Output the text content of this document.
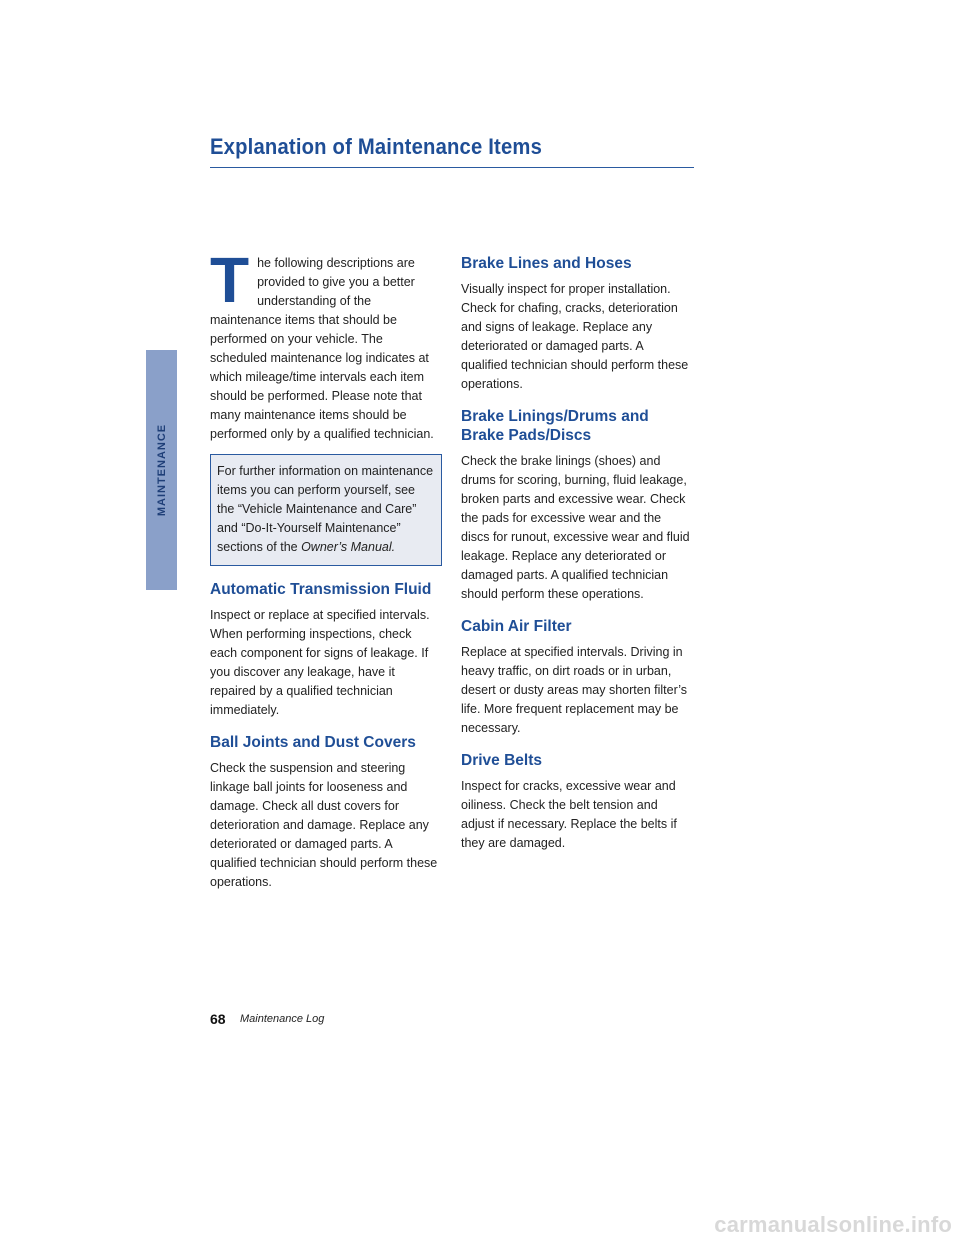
Explanation of Maintenance Items
MAINTENANCE

The following descriptions are provided to give you a better understanding of the maintenance items that should be performed on your vehicle. The scheduled maintenance log indicates at which mileage/time intervals each item should be performed. Please note that many maintenance items should be performed only by a qualified technician.

For further information on maintenance items you can perform yourself, see the “Vehicle Maintenance and Care” and “Do-It-Yourself Maintenance” sections of the Owner’s Manual.
Automatic Transmission Fluid

Inspect or replace at specified intervals. When performing inspections, check each component for signs of leakage. If you discover any leakage, have it repaired by a qualified technician immediately.

Ball Joints and Dust Covers

Check the suspension and steering linkage ball joints for looseness and damage. Check all dust covers for deterioration and damage. Replace any deteriorated or damaged parts. A qualified technician should perform these operations.

Brake Lines and Hoses

Visually inspect for proper installation. Check for chafing, cracks, deterioration and signs of leakage. Replace any deteriorated or damaged parts. A qualified technician should perform these operations.

Brake Linings/Drums and Brake Pads/Discs

Check the brake linings (shoes) and drums for scoring, burning, fluid leakage, broken parts and excessive wear. Check the pads for excessive wear and the discs for runout, excessive wear and fluid leakage. Replace any deteriorated or damaged parts. A qualified technician should perform these operations.

Cabin Air Filter

Replace at specified intervals. Driving in heavy traffic, on dirt roads or in urban, desert or dusty areas may shorten filter’s life. More frequent replacement may be necessary.

Drive Belts

Inspect for cracks, excessive wear and oiliness. Check the belt tension and adjust if necessary. Replace the belts if they are damaged.

68 Maintenance Log
carmanualsonline.info
